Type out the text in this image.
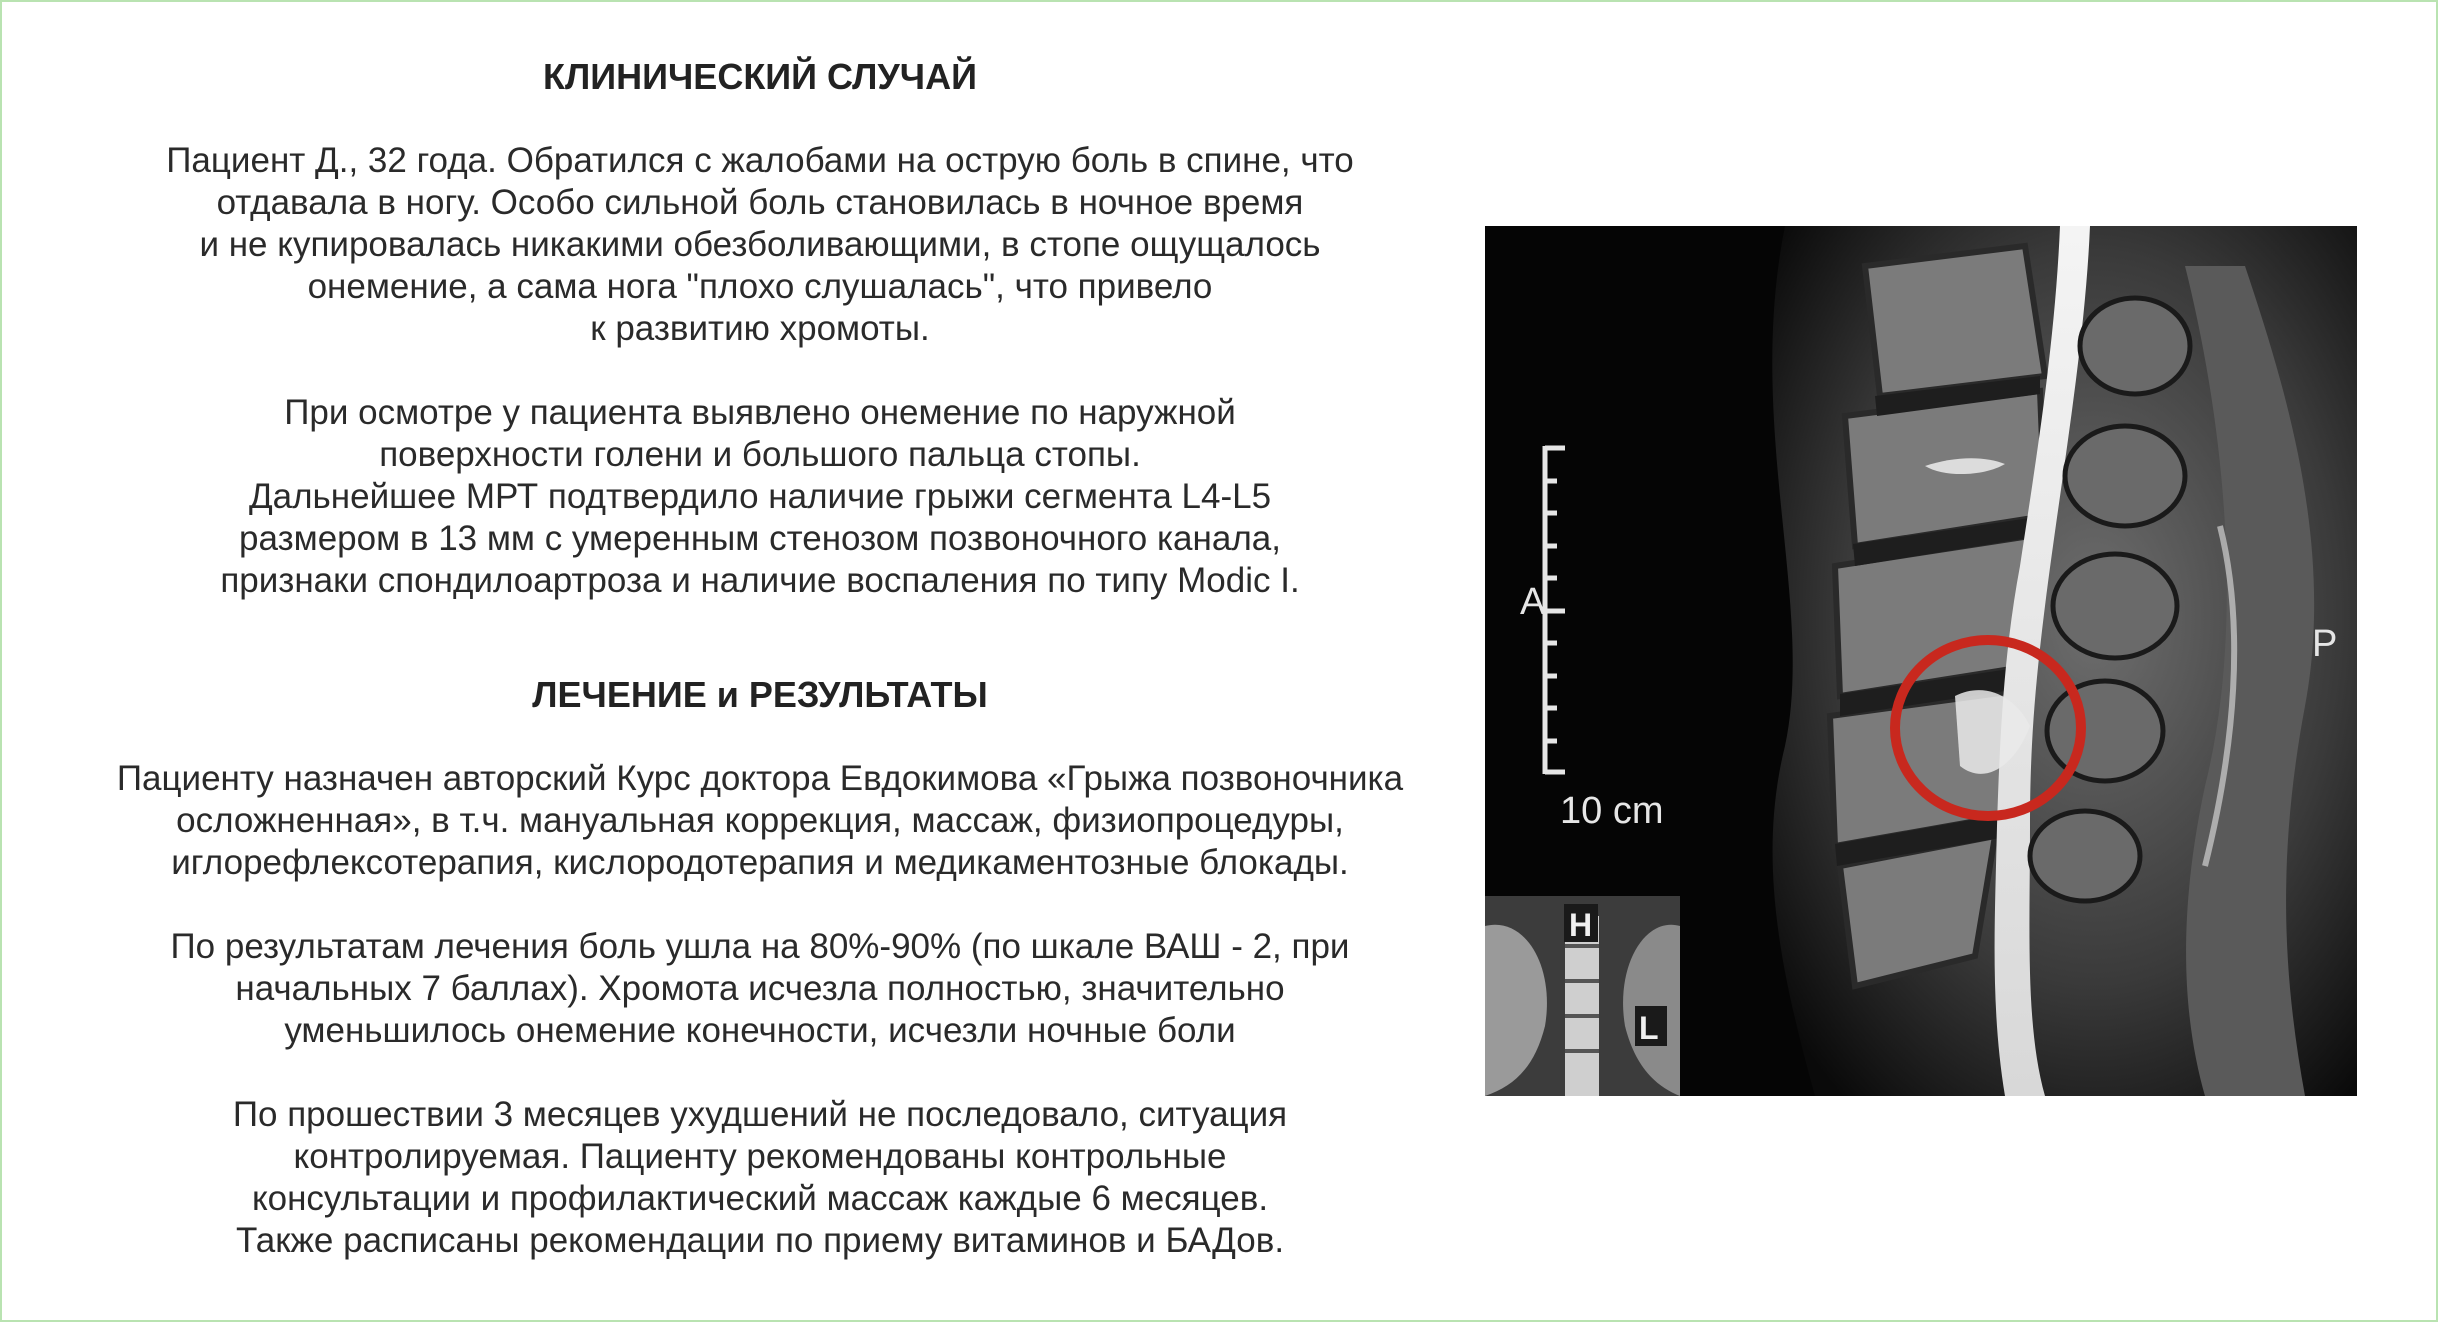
КЛИНИЧЕСКИЙ СЛУЧАЙ

Пациент Д., 32 года. Обратился с жалобами на острую боль в спине, что
отдавала в ногу. Особо сильной боль становилась в ночное время
и не купировалась никакими обезболивающими, в стопе ощущалось
онемение, а сама нога "плохо слушалась", что привело
к развитию хромоты.

При осмотре у пациента выявлено онемение по наружной
поверхности голени и большого пальца стопы.
Дальнейшее МРТ подтвердило наличие грыжи сегмента L4-L5
размером в 13 мм с умеренным стенозом позвоночного канала,
признаки спондилоартроза и наличие воспаления по типу Modic I.

ЛЕЧЕНИЕ и РЕЗУЛЬТАТЫ

Пациенту назначен авторский Курс доктора Евдокимова «Грыжа позвоночника
осложненная», в т.ч. мануальная коррекция, массаж, физиопроцедуры,
иглорефлексотерапия, кислородотерапия и медикаментозные блокады.

По результатам лечения боль ушла на 80%-90% (по шкале ВАШ - 2, при
начальных 7 баллах). Хромота исчезла полностью, значительно
уменьшилось онемение конечности, исчезли ночные боли

По прошествии 3 месяцев ухудшений не последовало, ситуация
контролируемая. Пациенту рекомендованы контрольные
консультации и профилактический массаж каждые 6 месяцев.
Также расписаны рекомендации по приему витаминов и БАДов.

A
P
10 cm
H
L
